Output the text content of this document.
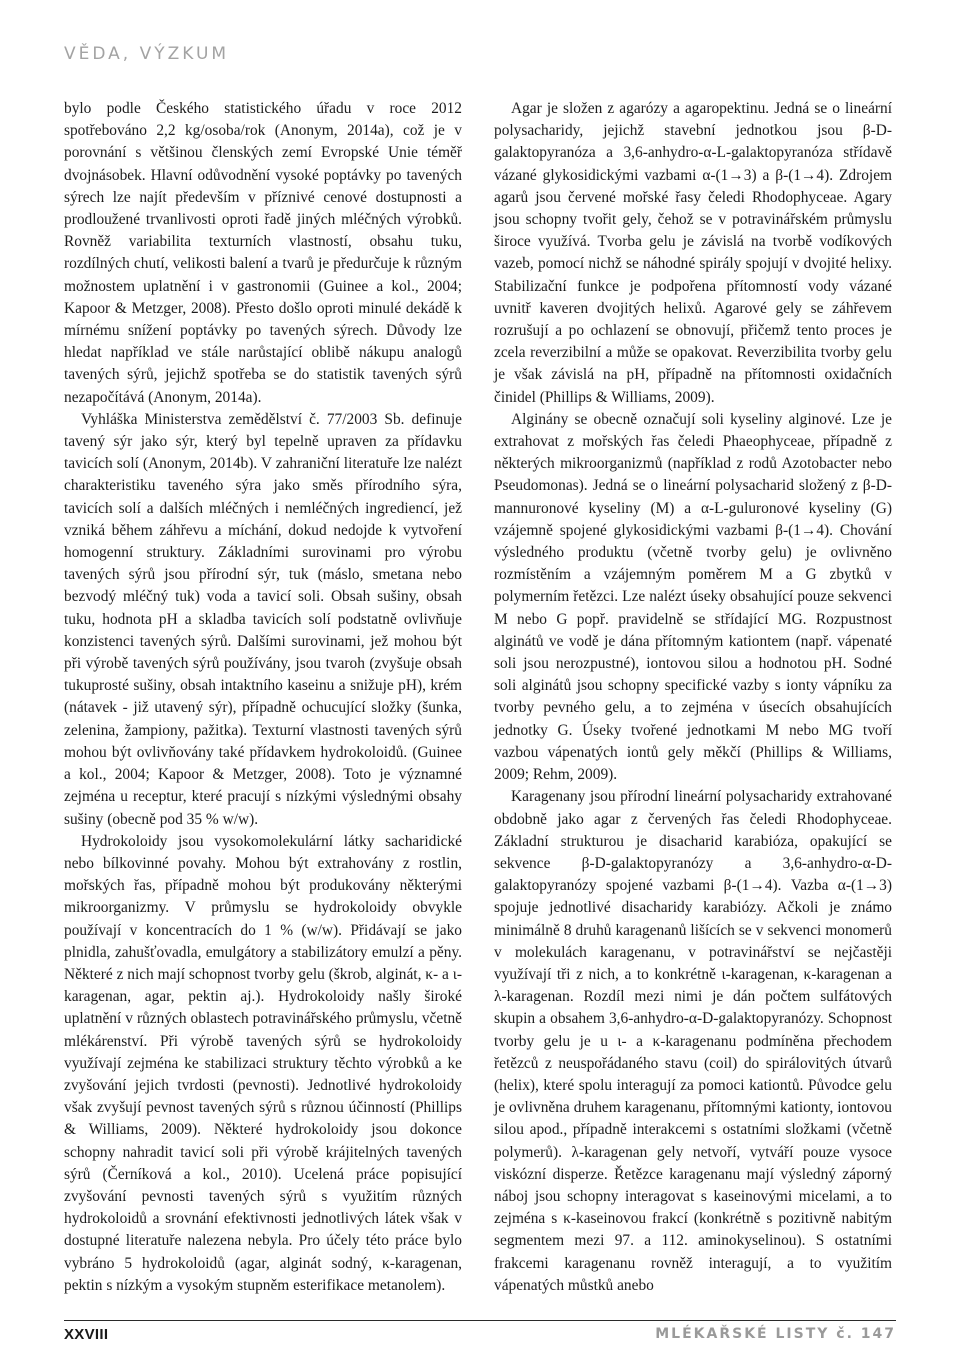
VĚDA, VÝZKUM

bylo podle Českého statistického úřadu v roce 2012 spotřebováno 2,2 kg/osoba/rok (Anonym, 2014a), což je v porovnání s většinou členských zemí Evropské Unie téměř dvojnásobek. Hlavní odůvodnění vysoké poptávky po tavených sýrech lze najít především v příznivé cenové dostupnosti a prodloužené trvanlivosti oproti řadě jiných mléčných výrobků. Rovněž variabilita texturních vlastností, obsahu tuku, rozdílných chutí, velikosti balení a tvarů je předurčuje k různým možnostem uplatnění i v gastronomii (Guinee a kol., 2004; Kapoor & Metzger, 2008). Přesto došlo oproti minulé dekádě k mírnému snížení poptávky po tavených sýrech. Důvody lze hledat například ve stále narůstající oblibě nákupu analogů tavených sýrů, jejichž spotřeba se do statistik tavených sýrů nezapočítává (Anonym, 2014a).

Vyhláška Ministerstva zemědělství č. 77/2003 Sb. definuje tavený sýr jako sýr, který byl tepelně upraven za přídavku tavicích solí (Anonym, 2014b). V zahraniční literatuře lze nalézt charakteristiku taveného sýra jako směs přírodního sýra, tavicích solí a dalších mléčných i nemléčných ingrediencí, jež vzniká během záhřevu a míchání, dokud nedojde k vytvoření homogenní struktury. Základními surovinami pro výrobu tavených sýrů jsou přírodní sýr, tuk (máslo, smetana nebo bezvodý mléčný tuk) voda a tavicí soli. Obsah sušiny, obsah tuku, hodnota pH a skladba tavicích solí podstatně ovlivňuje konzistenci tavených sýrů. Dalšími surovinami, jež mohou být při výrobě tavených sýrů používány, jsou tvaroh (zvyšuje obsah tukuprosté sušiny, obsah intaktního kaseinu a snižuje pH), krém (nátavek - již utavený sýr), případně ochucující složky (šunka, zelenina, žampiony, pažitka). Texturní vlastnosti tavených sýrů mohou být ovlivňovány také přídavkem hydrokoloidů. (Guinee a kol., 2004; Kapoor & Metzger, 2008). Toto je významné zejména u receptur, které pracují s nízkými výslednými obsahy sušiny (obecně pod 35 % w/w).

Hydrokoloidy jsou vysokomolekulární látky sacharidické nebo bílkovinné povahy. Mohou být extrahovány z rostlin, mořských řas, případně mohou být produkovány některými mikroorganizmy. V průmyslu se hydrokoloidy obvykle používají v koncentracích do 1 % (w/w). Přidávají se jako plnidla, zahušťovadla, emulgátory a stabilizátory emulzí a pěny. Některé z nich mají schopnost tvorby gelu (škrob, alginát, κ- a ι-karagenan, agar, pektin aj.). Hydrokoloidy našly široké uplatnění v různých oblastech potravinářského průmyslu, včetně mlékárenství. Při výrobě tavených sýrů se hydrokoloidy využívají zejména ke stabilizaci struktury těchto výrobků a ke zvyšování jejich tvrdosti (pevnosti). Jednotlivé hydrokoloidy však zvyšují pevnost tavených sýrů s různou účinností (Phillips & Williams, 2009). Některé hydrokoloidy jsou dokonce schopny nahradit tavicí soli při výrobě krájitelných tavených sýrů (Černíková a kol., 2010). Ucelená práce popisující zvyšování pevnosti tavených sýrů s využitím různých hydrokoloidů a srovnání efektivnosti jednotlivých látek však v dostupné literatuře nalezena nebyla. Pro účely této práce bylo vybráno 5 hydrokoloidů (agar, alginát sodný, κ-karagenan, pektin s nízkým a vysokým stupněm esterifikace metanolem).

Agar je složen z agarózy a agaropektinu. Jedná se o lineární polysacharidy, jejichž stavební jednotkou jsou β-D-galaktopyranóza a 3,6-anhydro-α-L-galaktopyranóza střídavě vázané glykosidickými vazbami α-(1→3) a β-(1→4). Zdrojem agarů jsou červené mořské řasy čeledi Rhodophyceae. Agary jsou schopny tvořit gely, čehož se v potravinářském průmyslu široce využívá. Tvorba gelu je závislá na tvorbě vodíkových vazeb, pomocí nichž se náhodné spirály spojují v dvojité helixy. Stabilizační funkce je podpořena přítomností vody vázané uvnitř kaveren dvojitých helixů. Agarové gely se záhřevem rozrušují a po ochlazení se obnovují, přičemž tento proces je zcela reverzibilní a může se opakovat. Reverzibilita tvorby gelu je však závislá na pH, případně na přítomnosti oxidačních činidel (Phillips & Williams, 2009).

Alginány se obecně označují soli kyseliny alginové. Lze je extrahovat z mořských řas čeledi Phaeophyceae, případně z některých mikroorganizmů (například z rodů Azotobacter nebo Pseudomonas). Jedná se o lineární polysacharid složený z β-D-mannuronové kyseliny (M) a α-L-guluronové kyseliny (G) vzájemně spojené glykosidickými vazbami β-(1→4). Chování výsledného produktu (včetně tvorby gelu) je ovlivněno rozmístěním a vzájemným poměrem M a G zbytků v polymerním řetězci. Lze nalézt úseky obsahující pouze sekvenci M nebo G popř. pravidelně se střídající MG. Rozpustnost alginátů ve vodě je dána přítomným kationtem (např. vápenaté soli jsou nerozpustné), iontovou silou a hodnotou pH. Sodné soli alginátů jsou schopny specifické vazby s ionty vápníku za tvorby pevného gelu, a to zejména v úsecích obsahujících jednotky G. Úseky tvořené jednotkami M nebo MG tvoří vazbou vápenatých iontů gely měkčí (Phillips & Williams, 2009; Rehm, 2009).

Karagenany jsou přírodní lineární polysacharidy extrahované obdobně jako agar z červených řas čeledi Rhodophyceae. Základní strukturou je disacharid karabióza, opakující se sekvence β-D-galaktopyranózy a 3,6-anhydro-α-D-galaktopyranózy spojené vazbami β-(1→4). Vazba α-(1→3) spojuje jednotlivé disacharidy karabiózy. Ačkoli je známo minimálně 8 druhů karagenanů lišících se v sekvenci monomerů v molekulách karagenanu, v potravinářství se nejčastěji využívají tři z nich, a to konkrétně ι-karagenan, κ-karagenan a λ-karagenan. Rozdíl mezi nimi je dán počtem sulfátových skupin a obsahem 3,6-anhydro-α-D-galaktopyranózy. Schopnost tvorby gelu je u ι- a κ-karagenanu podmíněna přechodem řetězců z neuspořádaného stavu (coil) do spirálovitých útvarů (helix), které spolu interagují za pomoci kationtů. Původce gelu je ovlivněna druhem karagenanu, přítomnými kationty, iontovou silou apod., případně interakcemi s ostatními složkami (včetně polymerů). λ-karagenan gely netvoří, vytváří pouze vysoce viskózní disperze. Řetězce karagenanu mají výsledný záporný náboj jsou schopny interagovat s kaseinovými micelami, a to zejména s κ-kaseinovou frakcí (konkrétně s pozitivně nabitým segmentem mezi 97. a 112. aminokyselinou). S ostatními frakcemi karagenanu rovněž interagují, a to využitím vápenatých můstků anebo

XXVIII	MLÉKAŘSKÉ LISTY č. 147
